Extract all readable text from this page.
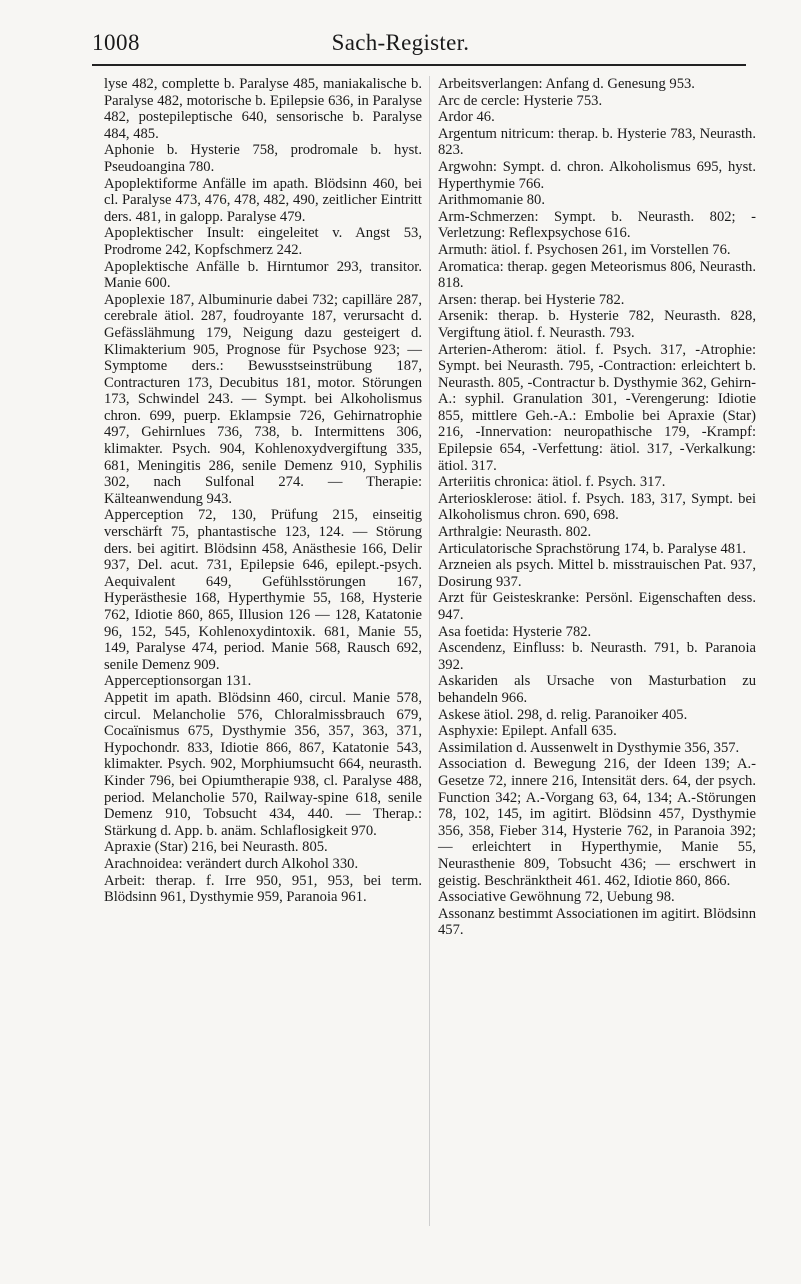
1008	Sach-Register.

lyse 482, complette b. Paralyse 485, maniakalische b. Paralyse 482, motorische b. Epilepsie 636, in Paralyse 482, postepileptische 640, sensorische b. Paralyse 484, 485.

Aphonie b. Hysterie 758, prodromale b. hyst. Pseudoangina 780.

Apoplektiforme Anfälle im apath. Blödsinn 460, bei cl. Paralyse 473, 476, 478, 482, 490, zeitlicher Eintritt ders. 481, in galopp. Paralyse 479.

Apoplektischer Insult: eingeleitet v. Angst 53, Prodrome 242, Kopfschmerz 242.

Apoplektische Anfälle b. Hirntumor 293, transitor. Manie 600.

Apoplexie 187, Albuminurie dabei 732; capilläre 287, cerebrale ätiol. 287, foudroyante 187, verursacht d. Gefässlähmung 179, Neigung dazu gesteigert d. Klimakterium 905, Prognose für Psychose 923; — Symptome ders.: Bewusstseinstrübung 187, Contracturen 173, Decubitus 181, motor. Störungen 173, Schwindel 243. — Sympt. bei Alkoholismus chron. 699, puerp. Eklampsie 726, Gehirnatrophie 497, Gehirnlues 736, 738, b. Intermittens 306, klimakter. Psych. 904, Kohlenoxydvergiftung 335, 681, Meningitis 286, senile Demenz 910, Syphilis 302, nach Sulfonal 274. — Therapie: Kälteanwendung 943.

Apperception 72, 130, Prüfung 215, einseitig verschärft 75, phantastische 123, 124. — Störung ders. bei agitirt. Blödsinn 458, Anästhesie 166, Delir 937, Del. acut. 731, Epilepsie 646, epilept.-psych. Aequivalent 649, Gefühlsstörungen 167, Hyperästhesie 168, Hyperthymie 55, 168, Hysterie 762, Idiotie 860, 865, Illusion 126 — 128, Katatonie 96, 152, 545, Kohlenoxydintoxik. 681, Manie 55, 149, Paralyse 474, period. Manie 568, Rausch 692, senile Demenz 909.

Apperceptionsorgan 131.

Appetit im apath. Blödsinn 460, circul. Manie 578, circul. Melancholie 576, Chloralmissbrauch 679, Cocaïnismus 675, Dysthymie 356, 357, 363, 371, Hypochondr. 833, Idiotie 866, 867, Katatonie 543, klimakter. Psych. 902, Morphiumsucht 664, neurasth. Kinder 796, bei Opiumtherapie 938, cl. Paralyse 488, period. Melancholie 570, Railway-spine 618, senile Demenz 910, Tobsucht 434, 440. — Therap.: Stärkung d. App. b. anäm. Schlaflosigkeit 970.

Apraxie (Star) 216, bei Neurasth. 805.

Arachnoidea: verändert durch Alkohol 330.

Arbeit: therap. f. Irre 950, 951, 953, bei term. Blödsinn 961, Dysthymie 959, Paranoia 961.

Arbeitsverlangen: Anfang d. Genesung 953.

Arc de cercle: Hysterie 753.

Ardor 46.

Argentum nitricum: therap. b. Hysterie 783, Neurasth. 823.

Argwohn: Sympt. d. chron. Alkoholismus 695, hyst. Hyperthymie 766.

Arithmomanie 80.

Arm-Schmerzen: Sympt. b. Neurasth. 802; -Verletzung: Reflexpsychose 616.

Armuth: ätiol. f. Psychosen 261, im Vorstellen 76.

Aromatica: therap. gegen Meteorismus 806, Neurasth. 818.

Arsen: therap. bei Hysterie 782.

Arsenik: therap. b. Hysterie 782, Neurasth. 828, Vergiftung ätiol. f. Neurasth. 793.

Arterien-Atherom: ätiol. f. Psych. 317, -Atrophie: Sympt. bei Neurasth. 795, -Contraction: erleichtert b. Neurasth. 805, -Contractur b. Dysthymie 362, Gehirn-A.: syphil. Granulation 301, -Verengerung: Idiotie 855, mittlere Geh.-A.: Embolie bei Apraxie (Star) 216, -Innervation: neuropathische 179, -Krampf: Epilepsie 654, -Verfettung: ätiol. 317, -Verkalkung: ätiol. 317.

Arteriitis chronica: ätiol. f. Psych. 317.

Arteriosklerose: ätiol. f. Psych. 183, 317, Sympt. bei Alkoholismus chron. 690, 698.

Arthralgie: Neurasth. 802.

Articulatorische Sprachstörung 174, b. Paralyse 481.

Arzneien als psych. Mittel b. misstrauischen Pat. 937, Dosirung 937.

Arzt für Geisteskranke: Persönl. Eigenschaften dess. 947.

Asa foetida: Hysterie 782.

Ascendenz, Einfluss: b. Neurasth. 791, b. Paranoia 392.

Askariden als Ursache von Masturbation zu behandeln 966.

Askese ätiol. 298, d. relig. Paranoiker 405.

Asphyxie: Epilept. Anfall 635.

Assimilation d. Aussenwelt in Dysthymie 356, 357.

Association d. Bewegung 216, der Ideen 139; A.-Gesetze 72, innere 216, Intensität ders. 64, der psych. Function 342; A.-Vorgang 63, 64, 134; A.-Störungen 78, 102, 145, im agitirt. Blödsinn 457, Dysthymie 356, 358, Fieber 314, Hysterie 762, in Paranoia 392; — erleichtert in Hyperthymie, Manie 55, Neurasthenie 809, Tobsucht 436; — erschwert in geistig. Beschränktheit 461. 462, Idiotie 860, 866.

Associative Gewöhnung 72, Uebung 98.

Assonanz bestimmt Associationen im agitirt. Blödsinn 457.
